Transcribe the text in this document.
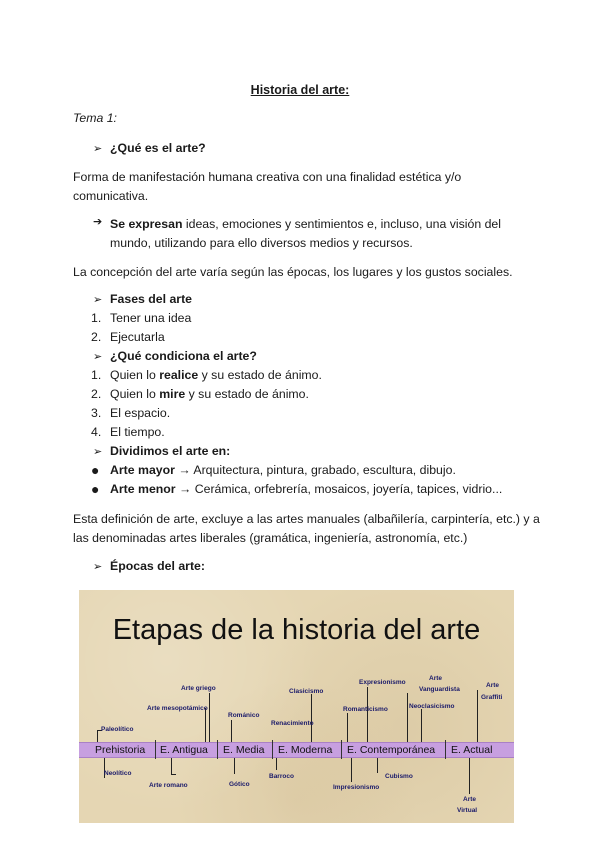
Historia del arte:
Tema 1:
➢ ¿Qué es el arte?
Forma de manifestación humana creativa con una finalidad estética y/o
comunicativa.
➔ Se expresan ideas, emociones y sentimientos e, incluso, una visión del
mundo, utilizando para ello diversos medios y recursos.
La concepción del arte varía según las épocas, los lugares y los gustos sociales.
➢ Fases del arte
1. Tener una idea
2. Ejecutarla
➢ ¿Qué condiciona el arte?
1. Quien lo realice y su estado de ánimo.
2. Quien lo mire y su estado de ánimo.
3. El espacio.
4. El tiempo.
➢ Dividimos el arte en:
● Arte mayor → Arquitectura, pintura, grabado, escultura, dibujo.
● Arte menor → Cerámica, orfebrería, mosaicos, joyería, tapices, vidrio...
Esta definición de arte, excluye a las artes manuales (albañilería, carpintería, etc.) y a
las denominadas artes liberales (gramática, ingeniería, astronomía, etc.)
➢ Épocas del arte:
Etapas de la historia del arte
Prehistoria E. Antigua E. Media E. Moderna E. Contemporánea E. Actual
Paleolítico
Arte mesopotámico
Arte griego
Románico
Renacimiento
Clasicismo
Romanticismo
Expresionismo
Neoclasicismo
Arte
Vanguardista
Arte
Graffiti
Neolítico
Arte romano	Gótico
Barroco
Impresionismo
Cubismo
Arte
Virtual
